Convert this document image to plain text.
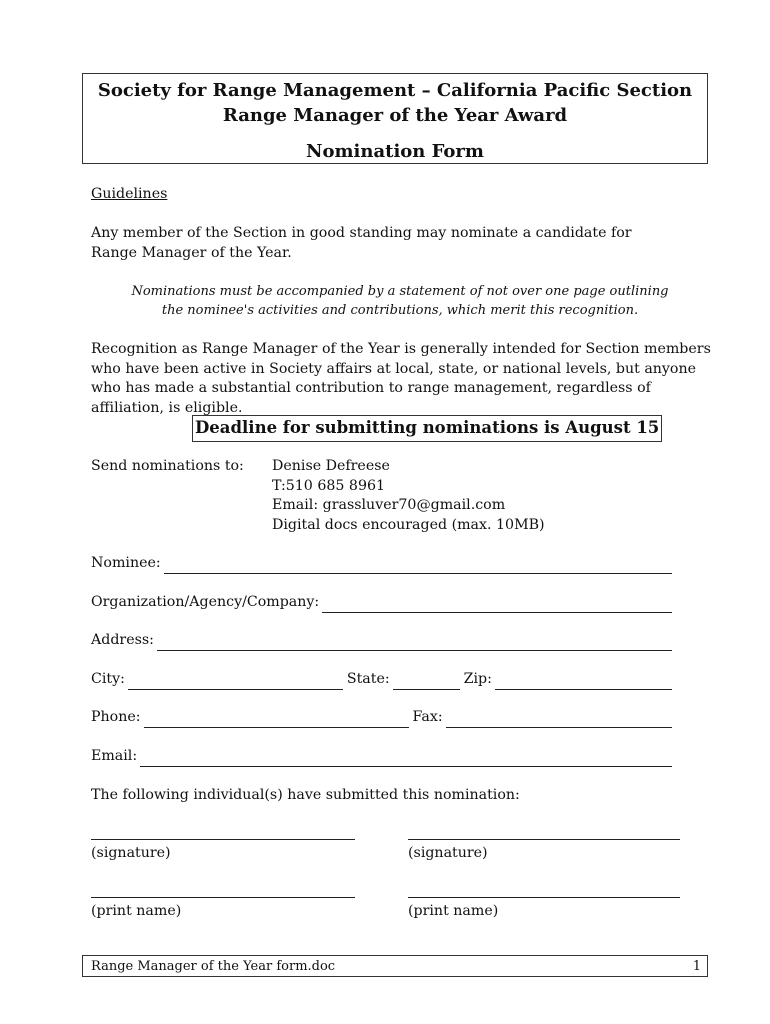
Society for Range Management – California Pacific Section
Range Manager of the Year Award
Nomination Form
Guidelines
Any member of the Section in good standing may nominate a candidate for Range Manager of the Year.
Nominations must be accompanied by a statement of not over one page outlining the nominee's activities and contributions, which merit this recognition.
Recognition as Range Manager of the Year is generally intended for Section members who have been active in Society affairs at local, state, or national levels, but anyone who has made a substantial contribution to range management, regardless of affiliation, is eligible.
Deadline for submitting nominations is August 15
Send nominations to: Denise Defreese
T:510 685 8961
Email: grassluver70@gmail.com
Digital docs encouraged (max. 10MB)
Nominee:
Organization/Agency/Company:
Address:
City:	State:	Zip:
Phone:	Fax:
Email:
The following individual(s) have submitted this nomination:
(signature)	(signature)
(print name)	(print name)
Range Manager of the Year form.doc	1
